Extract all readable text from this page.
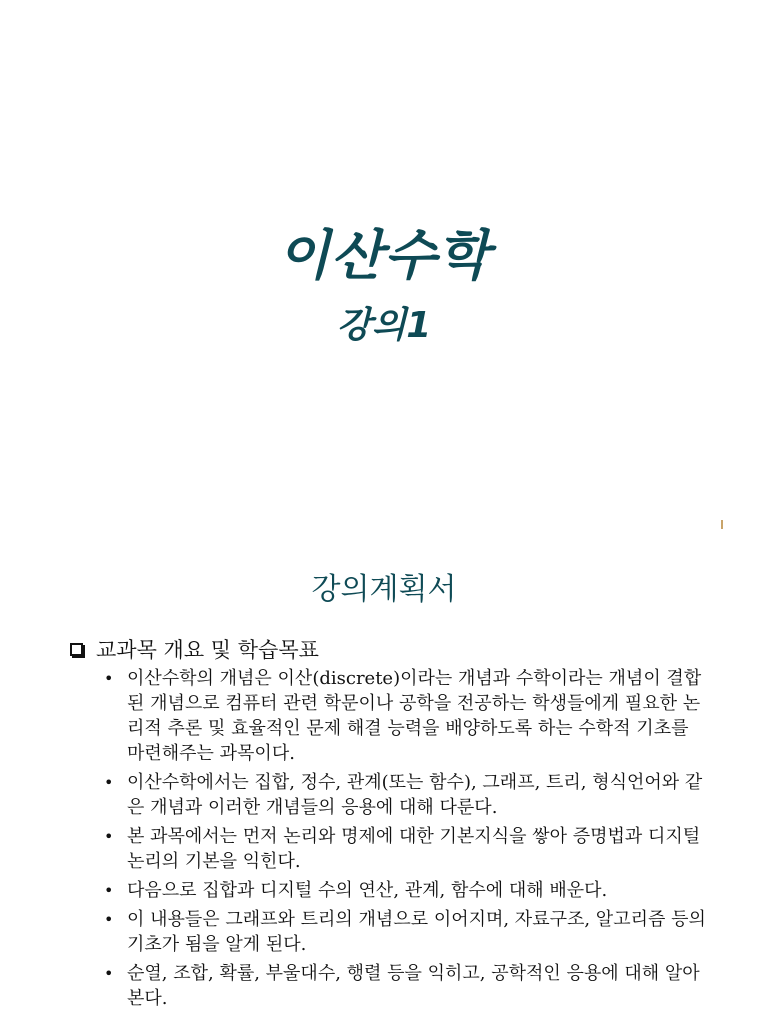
이산수학
강의1
강의계획서
교과목 개요 및 학습목표
• 이산수학의 개념은 이산(discrete)이라는 개념과 수학이라는 개념이 결합된 개념으로 컴퓨터 관련 학문이나 공학을 전공하는 학생들에게 필요한 논리적 추론 및 효율적인 문제 해결 능력을 배양하도록 하는 수학적 기초를 마련해주는 과목이다.
• 이산수학에서는 집합, 정수, 관계(또는 함수), 그래프, 트리, 형식언어와 같은 개념과 이러한 개념들의 응용에 대해 다룬다.
• 본 과목에서는 먼저 논리와 명제에 대한 기본지식을 쌓아 증명법과 디지털논리의 기본을 익힌다.
• 다음으로 집합과 디지털 수의 연산, 관계, 함수에 대해 배운다.
• 이 내용들은 그래프와 트리의 개념으로 이어지며, 자료구조, 알고리즘 등의 기초가 됨을 알게 된다.
• 순열, 조합, 확률, 부울대수, 행렬 등을 익히고, 공학적인 응용에 대해 알아본다.
